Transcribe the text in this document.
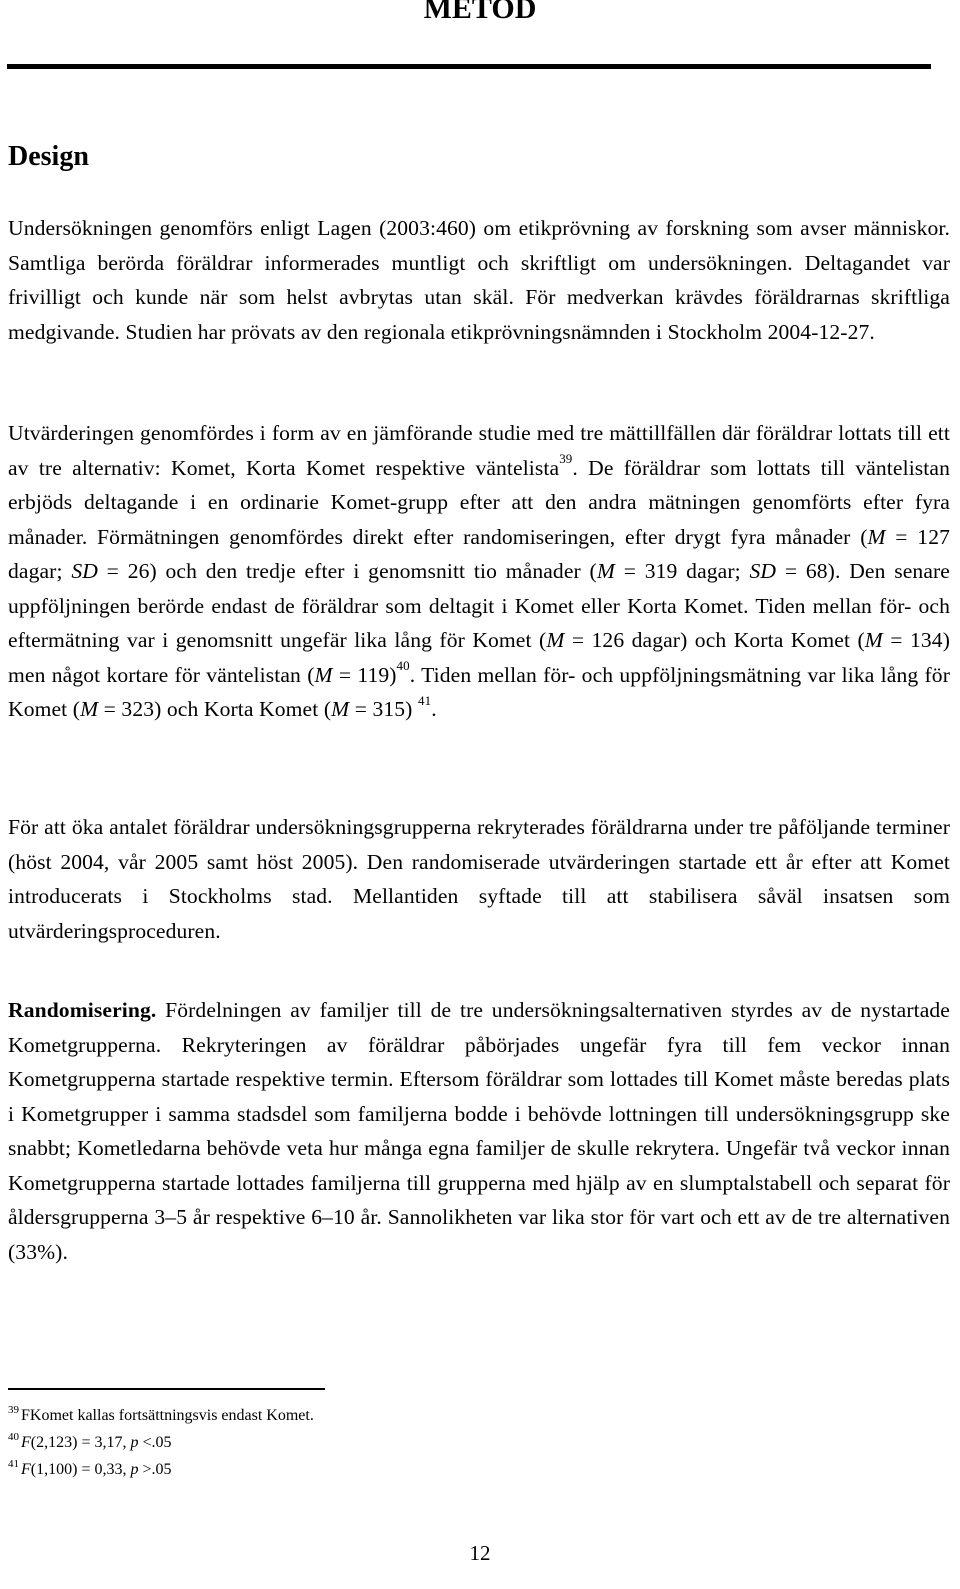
METOD
Design

Undersökningen genomförs enligt Lagen (2003:460) om etikprövning av forskning som avser människor. Samtliga berörda föräldrar informerades muntligt och skriftligt om undersökningen. Deltagandet var frivilligt och kunde när som helst avbrytas utan skäl. För medverkan krävdes föräldrarnas skriftliga medgivande. Studien har prövats av den regionala etikprövningsnämnden i Stockholm 2004-12-27.

Utvärderingen genomfördes i form av en jämförande studie med tre mättillfällen där föräldrar lottats till ett av tre alternativ: Komet, Korta Komet respektive väntelista$^{39}$. De föräldrar som lottats till väntelistan erbjöds deltagande i en ordinarie Komet-grupp efter att den andra mätningen genomförts efter fyra månader. Förmätningen genomfördes direkt efter randomiseringen, efter drygt fyra månader (M = 127 dagar; SD = 26) och den tredje efter i genomsnitt tio månader (M = 319 dagar; SD = 68). Den senare uppföljningen berörde endast de föräldrar som deltagit i Komet eller Korta Komet. Tiden mellan för- och eftermätning var i genomsnitt ungefär lika lång för Komet (M = 126 dagar) och Korta Komet (M = 134) men något kortare för väntelistan (M = 119)$^{40}$. Tiden mellan för- och uppföljningsmätning var lika lång för Komet (M = 323) och Korta Komet (M = 315) $^{41}$.

För att öka antalet föräldrar undersökningsgrupperna rekryterades föräldrarna under tre påföljande terminer (höst 2004, vår 2005 samt höst 2005). Den randomiserade utvärderingen startade ett år efter att Komet introducerats i Stockholms stad. Mellantiden syftade till att stabilisera såväl insatsen som utvärderingsproceduren.

Randomisering. Fördelningen av familjer till de tre undersökningsalternativen styrdes av de nystartade Kometgrupperna. Rekryteringen av föräldrar påbörjades ungefär fyra till fem veckor innan Kometgrupperna startade respektive termin. Eftersom föräldrar som lottades till Komet måste beredas plats i Kometgrupper i samma stadsdel som familjerna bodde i behövde lottningen till undersökningsgrupp ske snabbt; Kometledarna behövde veta hur många egna familjer de skulle rekrytera. Ungefär två veckor innan Kometgrupperna startade lottades familjerna till grupperna med hjälp av en slumptalstabell och separat för åldersgrupperna 3–5 år respektive 6–10 år. Sannolikheten var lika stor för vart och ett av de tre alternativen (33%).

$^{39}$ FKomet kallas fortsättningsvis endast Komet.
$^{40}$ F(2,123) = 3,17, p <.05
$^{41}$ F(1,100) = 0,33, p >.05
12
